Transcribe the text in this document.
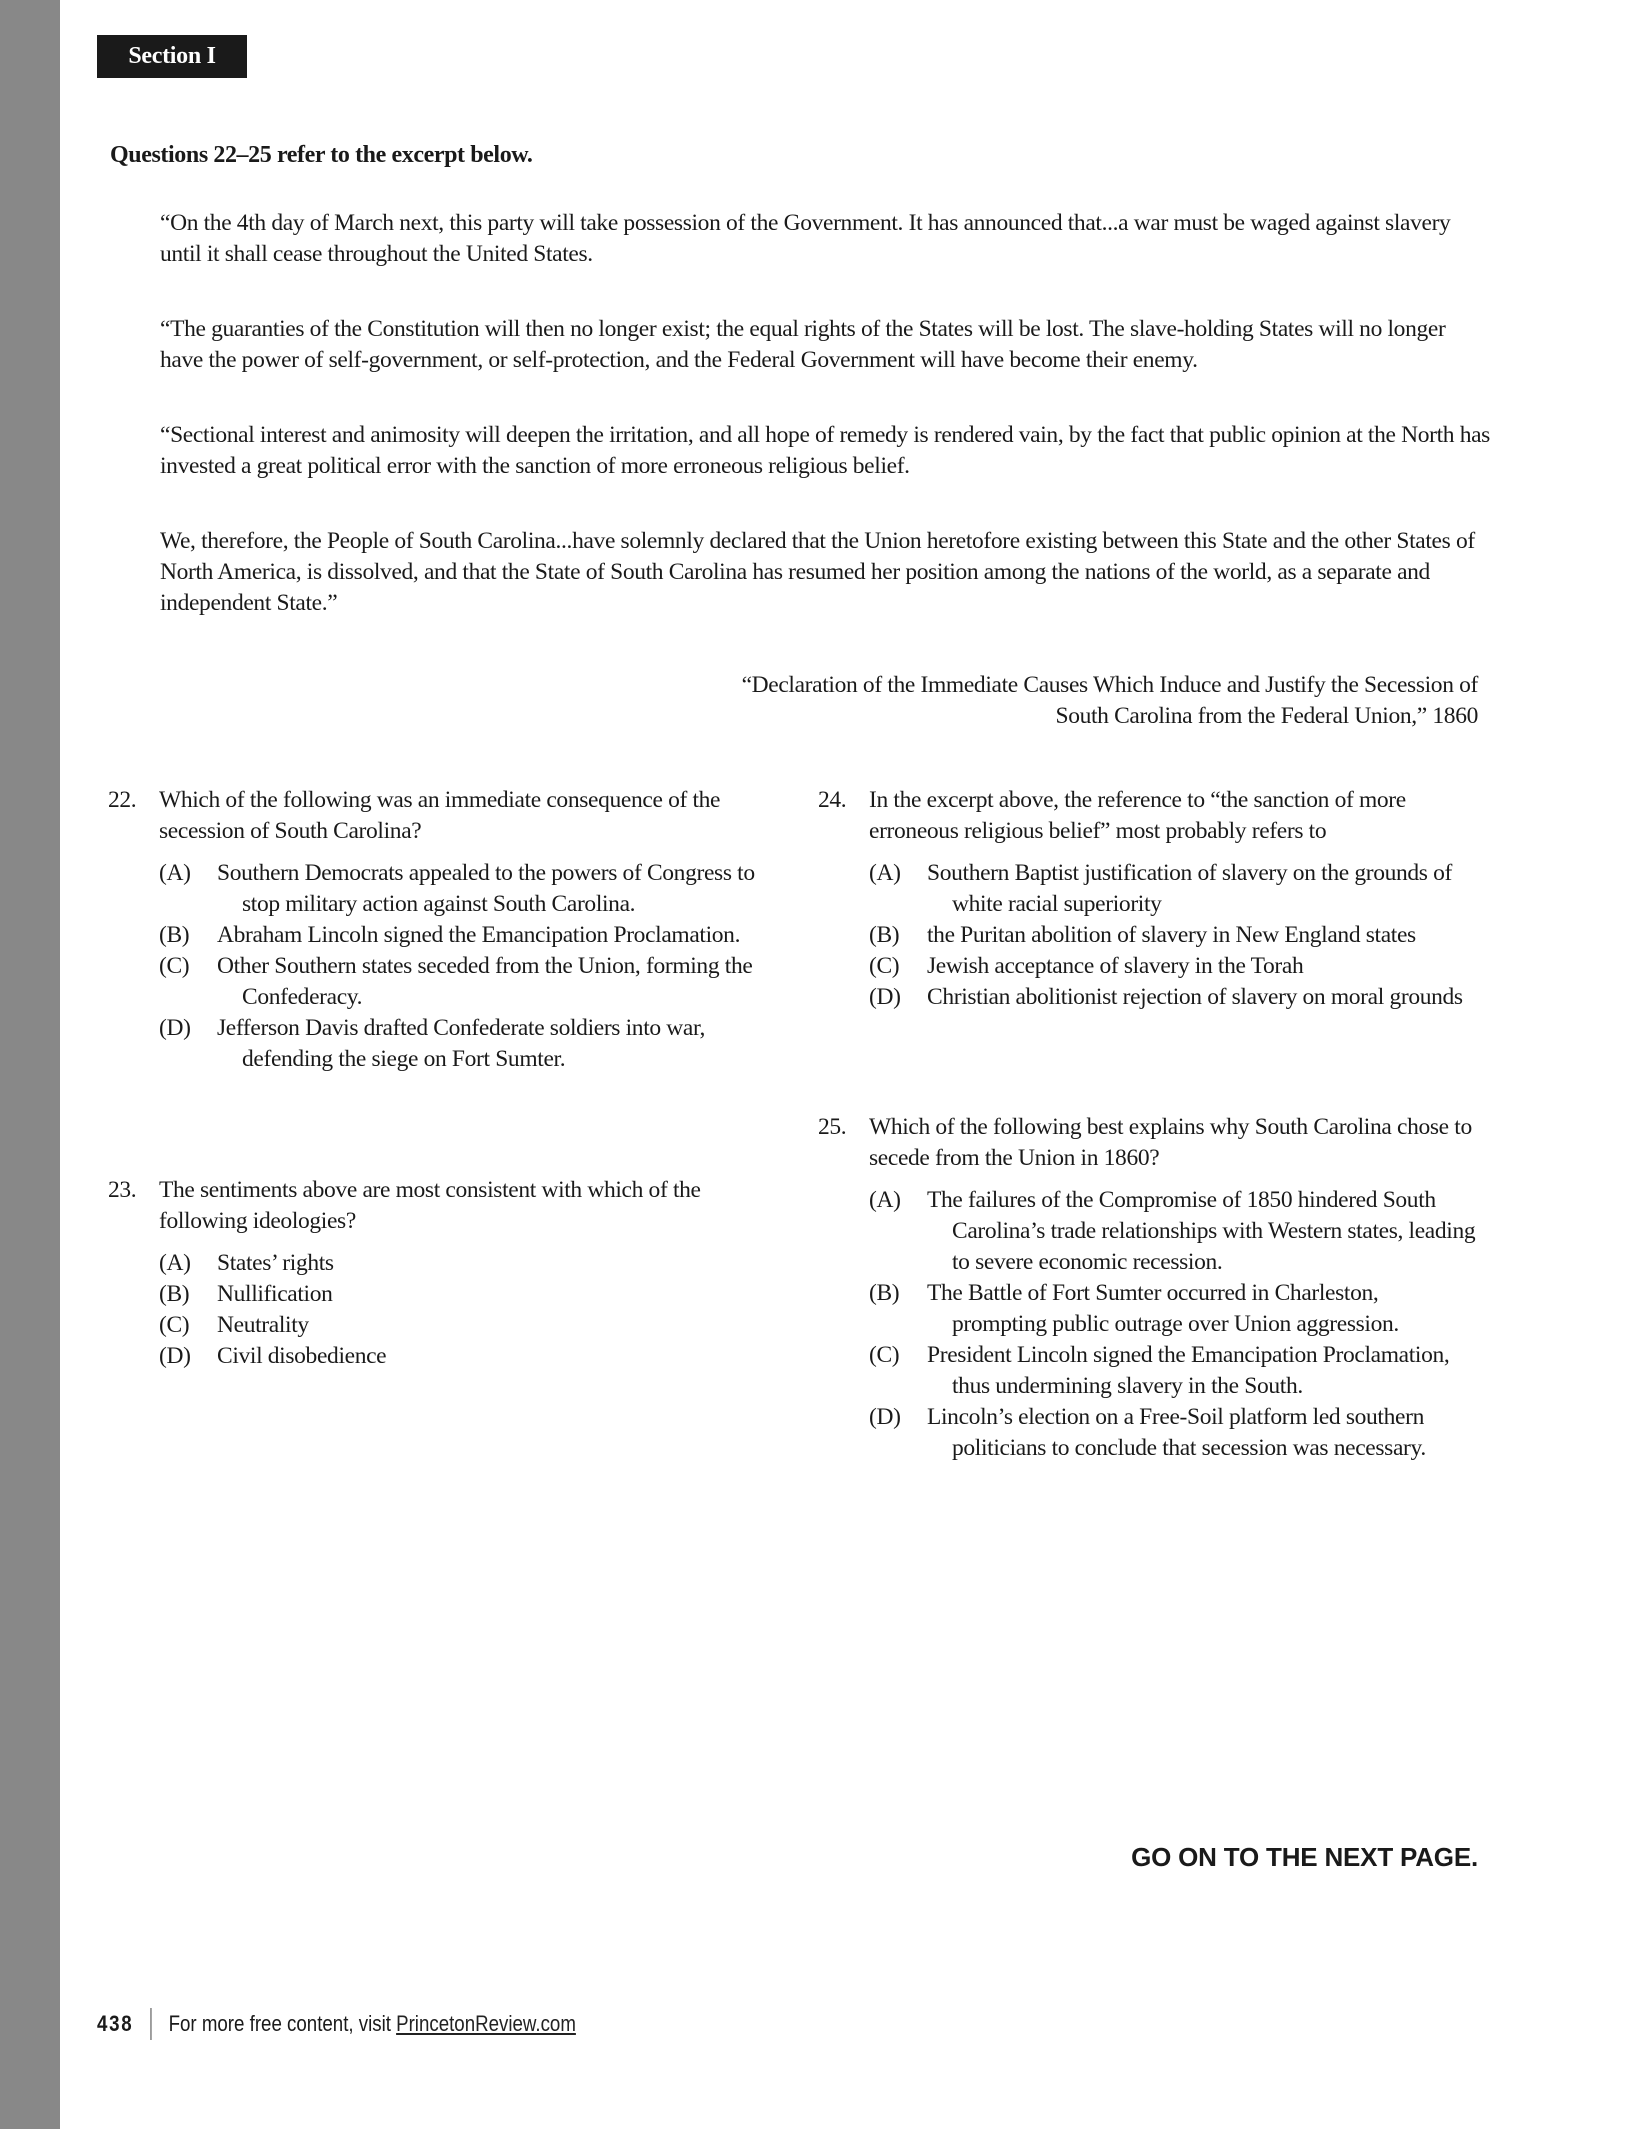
Section I
Questions 22–25 refer to the excerpt below.

“On the 4th day of March next, this party will take possession of the Government. It has announced that...a war must be waged against slavery until it shall cease throughout the United States.

“The guaranties of the Constitution will then no longer exist; the equal rights of the States will be lost. The slave-holding States will no longer have the power of self-government, or self-protection, and the Federal Government will have become their enemy.

“Sectional interest and animosity will deepen the irritation, and all hope of remedy is rendered vain, by the fact that public opinion at the North has invested a great political error with the sanction of more erroneous religious belief.

We, therefore, the People of South Carolina...have solemnly declared that the Union heretofore existing between this State and the other States of North America, is dissolved, and that the State of South Carolina has resumed her position among the nations of the world, as a separate and independent State.”

“Declaration of the Immediate Causes Which Induce and Justify the Secession of
South Carolina from the Federal Union,” 1860
22. Which of the following was an immediate consequence of the secession of South Carolina?
(A)	Southern Democrats appealed to the powers of Congress to stop military action against South Carolina.
(B)	Abraham Lincoln signed the Emancipation Proclamation.
(C)	Other Southern states seceded from the Union, forming the Confederacy.
(D)	Jefferson Davis drafted Confederate soldiers into war, defending the siege on Fort Sumter.
23. The sentiments above are most consistent with which of the following ideologies?
(A)	States’ rights
(B)	Nullification
(C)	Neutrality
(D)	Civil disobedience
24. In the excerpt above, the reference to “the sanction of more erroneous religious belief” most probably refers to
(A)	Southern Baptist justification of slavery on the grounds of white racial superiority
(B)	the Puritan abolition of slavery in New England states
(C)	Jewish acceptance of slavery in the Torah
(D)	Christian abolitionist rejection of slavery on moral grounds
25. Which of the following best explains why South Carolina chose to secede from the Union in 1860?
(A)	The failures of the Compromise of 1850 hindered South Carolina’s trade relationships with Western states, leading to severe economic recession.
(B)	The Battle of Fort Sumter occurred in Charleston, prompting public outrage over Union aggression.
(C)	President Lincoln signed the Emancipation Proclamation, thus undermining slavery in the South.
(D)	Lincoln’s election on a Free-Soil platform led southern politicians to conclude that secession was necessary.
GO ON TO THE NEXT PAGE.
438 For more free content, visit PrincetonReview.com
